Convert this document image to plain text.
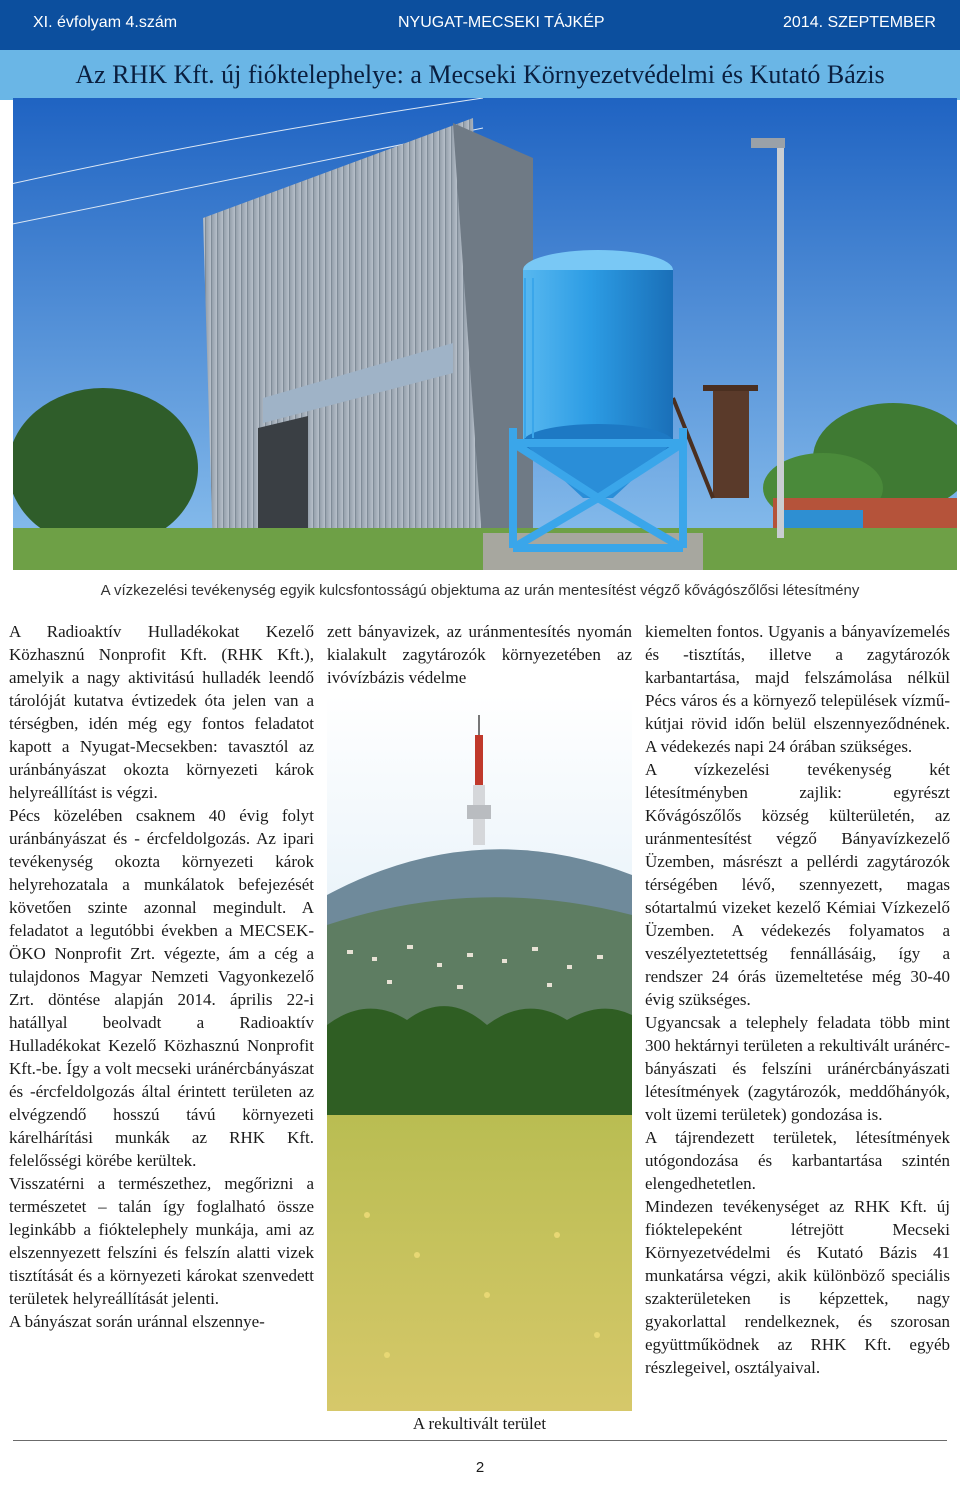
XI. évfolyam 4.szám	NYUGAT-MECSEKI TÁJKÉP	2014. SZEPTEMBER
Az RHK Kft. új fióktelephelye: a Mecseki Környezetvédelmi és Kutató Bázis
A vízkezelési tevékenység egyik kulcsfontosságú objektuma az urán mentesítést végző kővágószőlősi létesítmény

A Radioaktív Hulladékokat Kezelő Közhasznú Nonprofit Kft. (RHK Kft.), amelyik a nagy aktivitású hulladék leendő tárolóját kutatva évtizedek óta jelen van a térségben, idén még egy fontos feladatot kapott a Nyugat-Mecsekben: tavasztól az uránbányászat okozta környezeti károk helyreállítást is végzi.

Pécs közelében csaknem 40 évig folyt uránbányászat és - ércfeldolgozás. Az ipari tevékenység okozta környezeti károk helyrehozatala a munkálatok befejezését követően szinte azonnal megindult. A feladatot a legutóbbi években a MECSEK-ÖKO Nonprofit Zrt. végezte, ám a cég a tulajdonos Magyar Nemzeti Vagyonkezelő Zrt. döntése alapján 2014. április 22-i hatállyal beolvadt a Radioaktív Hulladékokat Kezelő Közhasznú Nonprofit Kft.-be. Így a volt mecseki uránércbányászat és -ércfeldolgozás által érintett területen az elvégzendő hosszú távú környezeti kárelhárítási munkák az RHK Kft. felelősségi körébe kerültek.

Visszatérni a természethez, megőrizni a természetet – talán így foglalható össze leginkább a fióktelephely munkája, ami az elszennyezett felszíni és felszín alatti vizek tisztítását és a környezeti károkat szenvedett területek helyreállítását jelenti.

A bányászat során uránnal elszennye-

zett bányavizek, az uránmentesítés nyomán kialakult zagytározók környezetében az ivóvízbázis védelme

A rekultivált terület

kiemelten fontos. Ugyanis a bányavízemelés és -tisztítás, illetve a zagytározók karbantartása, majd felszámolása nélkül Pécs város és a környező települések vízmű-kútjai rövid időn belül elszennyeződnének. A védekezés napi 24 órában szükséges.

A vízkezelési tevékenység két létesítményben zajlik: egyrészt Kővágószőlős község külterületén, az uránmentesítést végző Bányavízkezelő Üzemben, másrészt a pellérdi zagytározók térségében lévő, szennyezett, magas sótartalmú vizeket kezelő Kémiai Vízkezelő Üzemben. A védekezés folyamatos a veszélyeztetettség fennállásáig, így a rendszer 24 órás üzemeltetése még 30-40 évig szükséges.

Ugyancsak a telephely feladata több mint 300 hektárnyi területen a rekultivált uránérc-bányászati és felszíni uránércbányászati létesítmények (zagytározók, meddőhányók, volt üzemi területek) gondozása is.

A tájrendezett területek, létesítmények utógondozása és karbantartása szintén elengedhetetlen.

Mindezen tevékenységet az RHK Kft. új fióktelepeként létrejött Mecseki Környezetvédelmi és Kutató Bázis 41 munkatársa végzi, akik különböző speciális szakterületeken is képzettek, nagy gyakorlattal rendelkeznek, és szorosan együttműködnek az RHK Kft. egyéb részlegeivel, osztályaival.

2
